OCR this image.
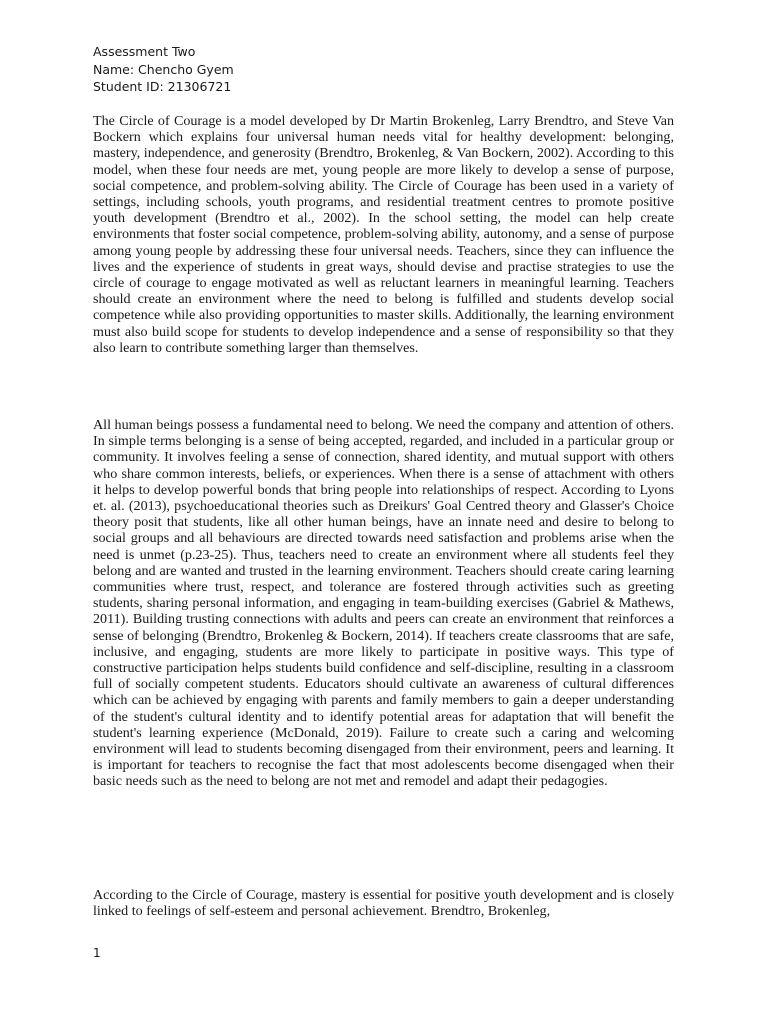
Assessment Two
Name: Chencho Gyem
Student ID: 21306721

The Circle of Courage is a model developed by Dr Martin Brokenleg, Larry Brendtro, and Steve Van Bockern which explains four universal human needs vital for healthy development: belonging, mastery, independence, and generosity (Brendtro, Brokenleg, & Van Bockern, 2002). According to this model, when these four needs are met, young people are more likely to develop a sense of purpose, social competence, and problem-solving ability. The Circle of Courage has been used in a variety of settings, including schools, youth programs, and residential treatment centres to promote positive youth development (Brendtro et al., 2002). In the school setting, the model can help create environments that foster social competence, problem-solving ability, autonomy, and a sense of purpose among young people by addressing these four universal needs. Teachers, since they can influence the lives and the experience of students in great ways, should devise and practise strategies to use the circle of courage to engage motivated as well as reluctant learners in meaningful learning. Teachers should create an environment where the need to belong is fulfilled and students develop social competence while also providing opportunities to master skills. Additionally, the learning environment must also build scope for students to develop independence and a sense of responsibility so that they also learn to contribute something larger than themselves.

All human beings possess a fundamental need to belong. We need the company and attention of others. In simple terms belonging is a sense of being accepted, regarded, and included in a particular group or community. It involves feeling a sense of connection, shared identity, and mutual support with others who share common interests, beliefs, or experiences. When there is a sense of attachment with others it helps to develop powerful bonds that bring people into relationships of respect. According to Lyons et. al. (2013), psychoeducational theories such as Dreikurs' Goal Centred theory and Glasser's Choice theory posit that students, like all other human beings, have an innate need and desire to belong to social groups and all behaviours are directed towards need satisfaction and problems arise when the need is unmet (p.23-25). Thus, teachers need to create an environment where all students feel they belong and are wanted and trusted in the learning environment. Teachers should create caring learning communities where trust, respect, and tolerance are fostered through activities such as greeting students, sharing personal information, and engaging in team-building exercises (Gabriel & Mathews, 2011). Building trusting connections with adults and peers can create an environment that reinforces a sense of belonging (Brendtro, Brokenleg & Bockern, 2014). If teachers create classrooms that are safe, inclusive, and engaging, students are more likely to participate in positive ways. This type of constructive participation helps students build confidence and self-discipline, resulting in a classroom full of socially competent students. Educators should cultivate an awareness of cultural differences which can be achieved by engaging with parents and family members to gain a deeper understanding of the student's cultural identity and to identify potential areas for adaptation that will benefit the student's learning experience (McDonald, 2019). Failure to create such a caring and welcoming environment will lead to students becoming disengaged from their environment, peers and learning. It is important for teachers to recognise the fact that most adolescents become disengaged when their basic needs such as the need to belong are not met and remodel and adapt their pedagogies.

According to the Circle of Courage, mastery is essential for positive youth development and is closely linked to feelings of self-esteem and personal achievement. Brendtro, Brokenleg,

1
